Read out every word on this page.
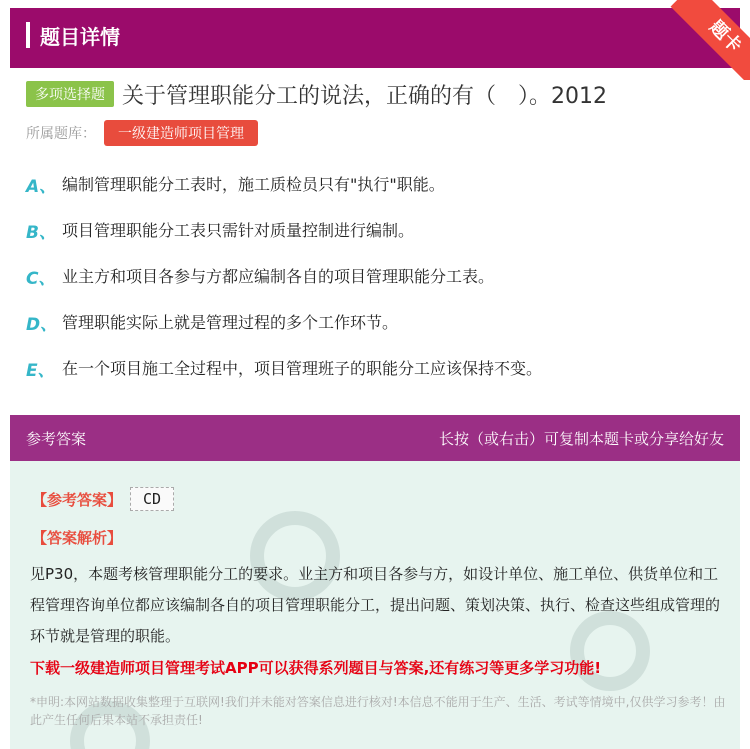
题目详情	题卡
多项选择题 关于管理职能分工的说法，正确的有（　）。2012
所属题库：	一级建造师项目管理
A、 编制管理职能分工表时，施工质检员只有"执行"职能。
B、 项目管理职能分工表只需针对质量控制进行编制。
C、 业主方和项目各参与方都应编制各自的项目管理职能分工表。
D、 管理职能实际上就是管理过程的多个工作环节。
E、 在一个项目施工全过程中，项目管理班子的职能分工应该保持不变。
参考答案	长按（或右击）可复制本题卡或分享给好友
【参考答案】	CD
【答案解析】
见P30，本题考核管理职能分工的要求。业主方和项目各参与方，如设计单位、施工单位、供货单位和工程管理咨询单位都应该编制各自的项目管理职能分工，提出问题、策划决策、执行、检查这些组成管理的环节就是管理的职能。
下载一级建造师项目管理考试APP可以获得系列题目与答案,还有练习等更多学习功能!
*申明:本网站数据收集整理于互联网!我们并未能对答案信息进行核对!本信息不能用于生产、生活、考试等情境中,仅供学习参考！由此产生任何后果本站不承担责任!
